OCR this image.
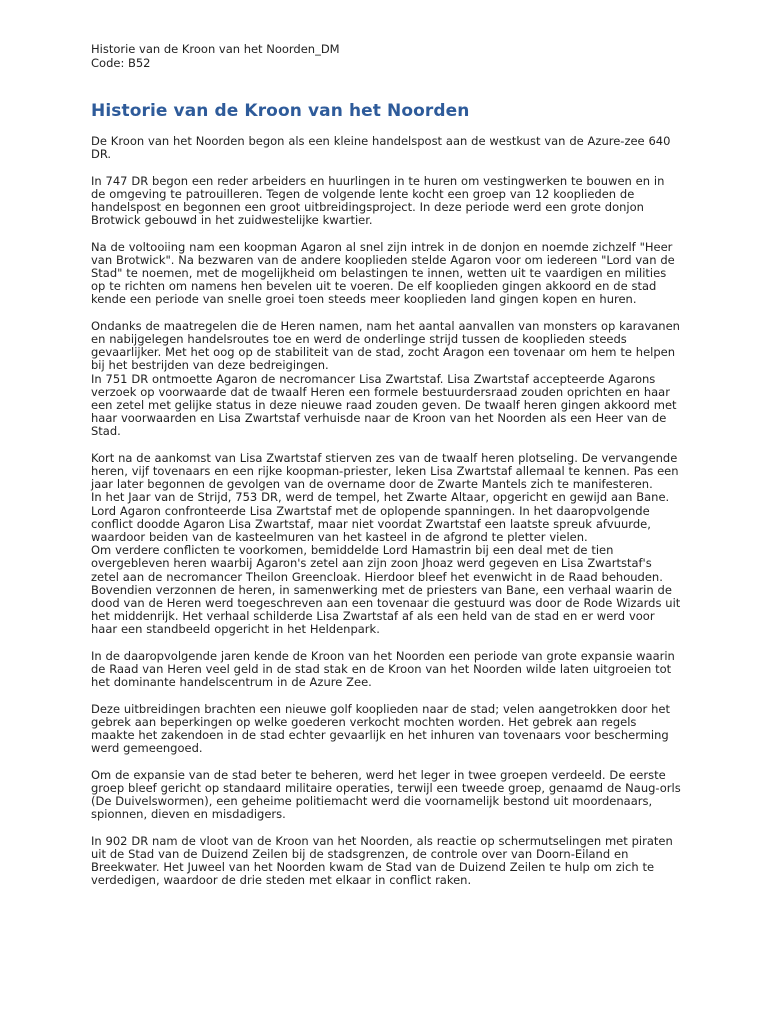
Historie van de Kroon van het Noorden_DM

Code: B52

Historie van de Kroon van het Noorden

De Kroon van het Noorden begon als een kleine handelspost aan de westkust van de Azure-zee 640 DR.

In 747 DR begon een reder arbeiders en huurlingen in te huren om vestingwerken te bouwen en in de omgeving te patrouilleren. Tegen de volgende lente kocht een groep van 12 kooplieden de handelspost en begonnen een groot uitbreidingsproject. In deze periode werd een grote donjon Brotwick gebouwd in het zuidwestelijke kwartier.

Na de voltooiing nam een koopman Agaron al snel zijn intrek in de donjon en noemde zichzelf "Heer van Brotwick". Na bezwaren van de andere kooplieden stelde Agaron voor om iedereen "Lord van de Stad" te noemen, met de mogelijkheid om belastingen te innen, wetten uit te vaardigen en milities op te richten om namens hen bevelen uit te voeren. De elf kooplieden gingen akkoord en de stad kende een periode van snelle groei toen steeds meer kooplieden land gingen kopen en huren.

Ondanks de maatregelen die de Heren namen, nam het aantal aanvallen van monsters op karavanen en nabijgelegen handelsroutes toe en werd de onderlinge strijd tussen de kooplieden steeds gevaarlijker. Met het oog op de stabiliteit van de stad, zocht Aragon een tovenaar om hem te helpen bij het bestrijden van deze bedreigingen.
In 751 DR ontmoette Agaron de necromancer Lisa Zwartstaf. Lisa Zwartstaf accepteerde Agarons verzoek op voorwaarde dat de twaalf Heren een formele bestuurdersraad zouden oprichten en haar een zetel met gelijke status in deze nieuwe raad zouden geven. De twaalf heren gingen akkoord met haar voorwaarden en Lisa Zwartstaf verhuisde naar de Kroon van het Noorden als een Heer van de Stad.

Kort na de aankomst van Lisa Zwartstaf stierven zes van de twaalf heren plotseling. De vervangende heren, vijf tovenaars en een rijke koopman-priester, leken Lisa Zwartstaf allemaal te kennen. Pas een jaar later begonnen de gevolgen van de overname door de Zwarte Mantels zich te manifesteren.
In het Jaar van de Strijd, 753 DR, werd de tempel, het Zwarte Altaar, opgericht en gewijd aan Bane.
Lord Agaron confronteerde Lisa Zwartstaf met de oplopende spanningen. In het daaropvolgende conflict doodde Agaron Lisa Zwartstaf, maar niet voordat Zwartstaf een laatste spreuk afvuurde, waardoor beiden van de kasteelmuren van het kasteel in de afgrond te pletter vielen.
Om verdere conflicten te voorkomen, bemiddelde Lord Hamastrin bij een deal met de tien overgebleven heren waarbij Agaron's zetel aan zijn zoon Jhoaz werd gegeven en Lisa Zwartstaf's zetel aan de necromancer Theilon Greencloak. Hierdoor bleef het evenwicht in de Raad behouden.
Bovendien verzonnen de heren, in samenwerking met de priesters van Bane, een verhaal waarin de dood van de Heren werd toegeschreven aan een tovenaar die gestuurd was door de Rode Wizards uit het middenrijk. Het verhaal schilderde Lisa Zwartstaf af als een held van de stad en er werd voor haar een standbeeld opgericht in het Heldenpark.

In de daaropvolgende jaren kende de Kroon van het Noorden een periode van grote expansie waarin de Raad van Heren veel geld in de stad stak en de Kroon van het Noorden wilde laten uitgroeien tot het dominante handelscentrum in de Azure Zee.

Deze uitbreidingen brachten een nieuwe golf kooplieden naar de stad; velen aangetrokken door het gebrek aan beperkingen op welke goederen verkocht mochten worden. Het gebrek aan regels maakte het zakendoen in de stad echter gevaarlijk en het inhuren van tovenaars voor bescherming werd gemeengoed.

Om de expansie van de stad beter te beheren, werd het leger in twee groepen verdeeld. De eerste groep bleef gericht op standaard militaire operaties, terwijl een tweede groep, genaamd de Naug-orls (De Duivelswormen), een geheime politiemacht werd die voornamelijk bestond uit moordenaars, spionnen, dieven en misdadigers.

In 902 DR nam de vloot van de Kroon van het Noorden, als reactie op schermutselingen met piraten uit de Stad van de Duizend Zeilen bij de stadsgrenzen, de controle over van Doorn-Eiland en Breekwater. Het Juweel van het Noorden kwam de Stad van de Duizend Zeilen te hulp om zich te verdedigen, waardoor de drie steden met elkaar in conflict raken.
